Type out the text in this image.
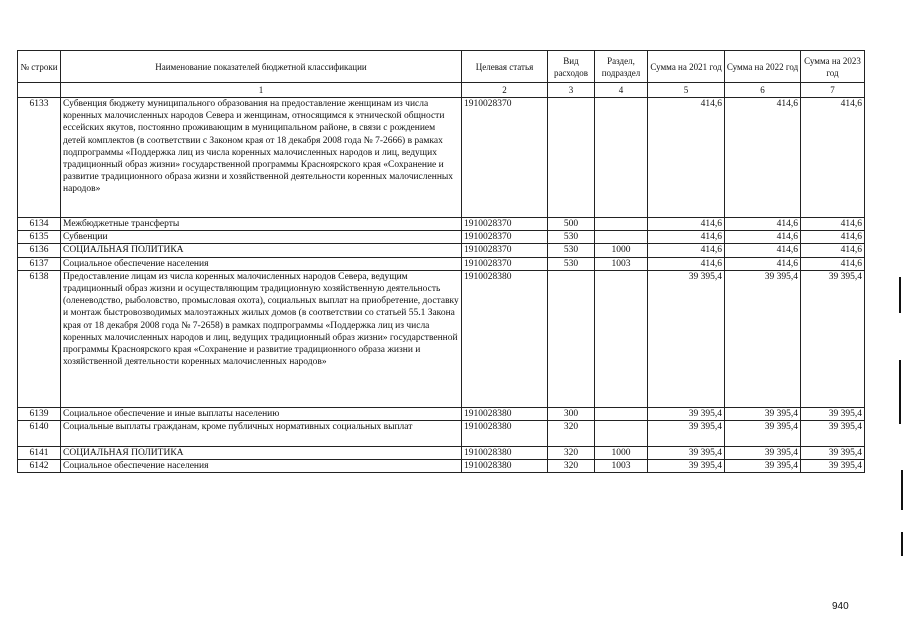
№ строки	Наименование показателей бюджетной классификации	Целевая статья	Вид расходов	Раздел, подраздел	Сумма на 2021 год	Сумма на 2022 год	Сумма на 2023 год
	1	2	3	4	5	6	7
6133	Субвенция бюджету муниципального образования на предоставление женщинам из числа коренных малочисленных народов Севера и женщинам, относящимся к этнической общности ессейских якутов, постоянно проживающим в муниципальном районе, в связи с рождением детей комплектов (в соответствии с Законом края от 18 декабря 2008 года № 7-2666) в рамках подпрограммы «Поддержка лиц из числа коренных малочисленных народов и лиц, ведущих традиционный образ жизни» государственной программы Красноярского края «Сохранение и развитие традиционного образа жизни и хозяйственной деятельности коренных малочисленных народов»	1910028370			414,6	414,6	414,6
6134	Межбюджетные трансферты	1910028370	500		414,6	414,6	414,6
6135	Субвенции	1910028370	530		414,6	414,6	414,6
6136	СОЦИАЛЬНАЯ ПОЛИТИКА	1910028370	530	1000	414,6	414,6	414,6
6137	Социальное обеспечение населения	1910028370	530	1003	414,6	414,6	414,6
6138	Предоставление лицам из числа коренных малочисленных народов Севера, ведущим традиционный образ жизни и осуществляющим традиционную хозяйственную деятельность (оленеводство, рыболовство, промысловая охота), социальных выплат на приобретение, доставку и монтаж быстровозводимых малоэтажных жилых домов (в соответствии со статьей 55.1 Закона края от 18 декабря 2008 года № 7-2658) в рамках подпрограммы «Поддержка лиц из числа коренных малочисленных народов и лиц, ведущих традиционный образ жизни» государственной программы Красноярского края «Сохранение и развитие традиционного образа жизни и хозяйственной деятельности коренных малочисленных народов»	1910028380			39 395,4	39 395,4	39 395,4
6139	Социальное обеспечение и иные выплаты населению	1910028380	300		39 395,4	39 395,4	39 395,4
6140	Социальные выплаты гражданам, кроме публичных нормативных социальных выплат	1910028380	320		39 395,4	39 395,4	39 395,4
6141	СОЦИАЛЬНАЯ ПОЛИТИКА	1910028380	320	1000	39 395,4	39 395,4	39 395,4
6142	Социальное обеспечение населения	1910028380	320	1003	39 395,4	39 395,4	39 395,4
940
